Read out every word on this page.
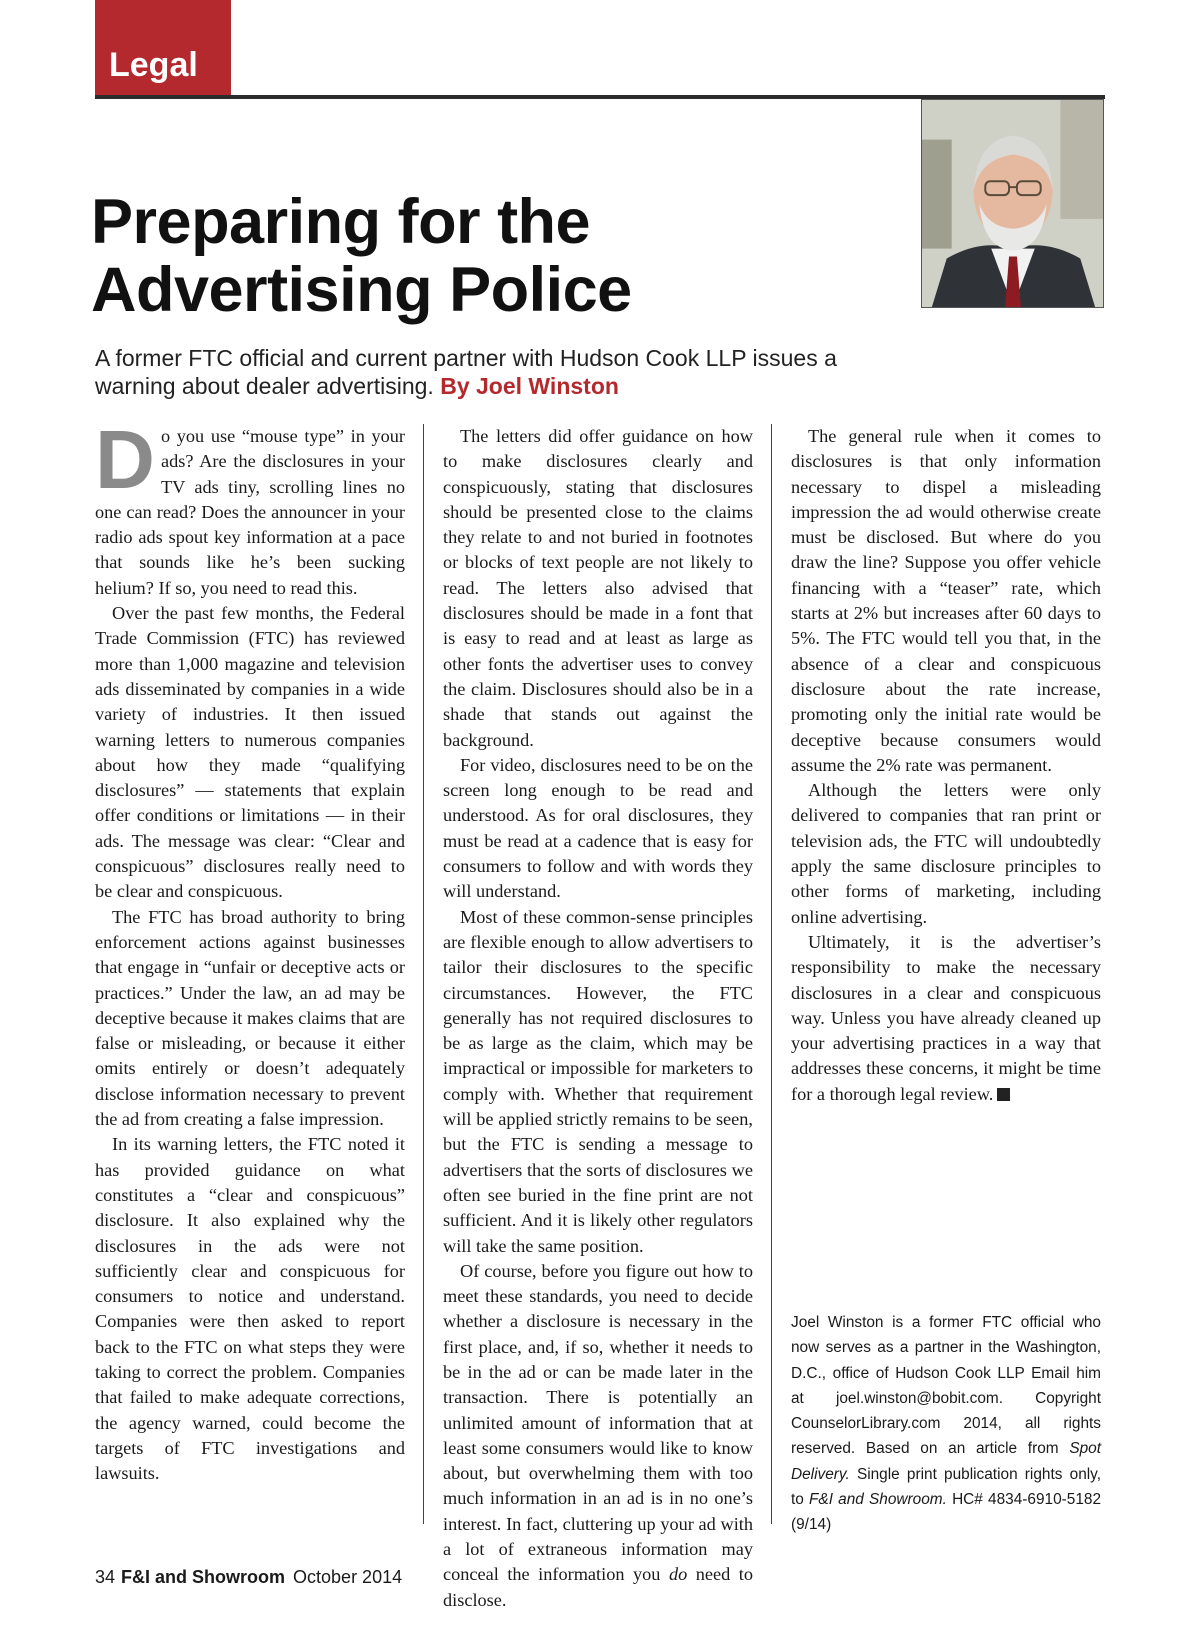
Legal
Preparing for the
Advertising Police
A former FTC official and current partner with Hudson Cook LLP issues a warning about dealer advertising. By Joel Winston

Do you use “mouse type” in your ads? Are the disclosures in your TV ads tiny, scrolling lines no one can read? Does the announcer in your radio ads spout key information at a pace that sounds like he’s been sucking helium? If so, you need to read this.

Over the past few months, the Federal Trade Commission (FTC) has reviewed more than 1,000 magazine and television ads disseminated by companies in a wide variety of industries. It then issued warning letters to numerous companies about how they made “qualifying disclosures” — statements that explain offer conditions or limitations — in their ads. The message was clear: “Clear and conspicuous” disclosures really need to be clear and conspicuous.

The FTC has broad authority to bring enforcement actions against businesses that engage in “unfair or deceptive acts or practices.” Under the law, an ad may be deceptive because it makes claims that are false or misleading, or because it either omits entirely or doesn’t adequately disclose information necessary to prevent the ad from creating a false impression.

In its warning letters, the FTC noted it has provided guidance on what constitutes a “clear and conspicuous” disclosure. It also explained why the disclosures in the ads were not sufficiently clear and conspicuous for consumers to notice and understand. Companies were then asked to report back to the FTC on what steps they were taking to correct the problem. Companies that failed to make adequate corrections, the agency warned, could become the targets of FTC investigations and lawsuits.

The letters did offer guidance on how to make disclosures clearly and conspicuously, stating that disclosures should be presented close to the claims they relate to and not buried in footnotes or blocks of text people are not likely to read. The letters also advised that disclosures should be made in a font that is easy to read and at least as large as other fonts the advertiser uses to convey the claim. Disclosures should also be in a shade that stands out against the background.

For video, disclosures need to be on the screen long enough to be read and understood. As for oral disclosures, they must be read at a cadence that is easy for consumers to follow and with words they will understand.

Most of these common-sense principles are flexible enough to allow advertisers to tailor their disclosures to the specific circumstances. However, the FTC generally has not required disclosures to be as large as the claim, which may be impractical or impossible for marketers to comply with. Whether that requirement will be applied strictly remains to be seen, but the FTC is sending a message to advertisers that the sorts of disclosures we often see buried in the fine print are not sufficient. And it is likely other regulators will take the same position.

Of course, before you figure out how to meet these standards, you need to decide whether a disclosure is necessary in the first place, and, if so, whether it needs to be in the ad or can be made later in the transaction. There is potentially an unlimited amount of information that at least some consumers would like to know about, but overwhelming them with too much information in an ad is in no one’s interest. In fact, cluttering up your ad with a lot of extraneous information may conceal the information you do need to disclose.

The general rule when it comes to disclosures is that only information necessary to dispel a misleading impression the ad would otherwise create must be disclosed. But where do you draw the line? Suppose you offer vehicle financing with a “teaser” rate, which starts at 2% but increases after 60 days to 5%. The FTC would tell you that, in the absence of a clear and conspicuous disclosure about the rate increase, promoting only the initial rate would be deceptive because consumers would assume the 2% rate was permanent.

Although the letters were only delivered to companies that ran print or television ads, the FTC will undoubtedly apply the same disclosure principles to other forms of marketing, including online advertising.

Ultimately, it is the advertiser’s responsibility to make the necessary disclosures in a clear and conspicuous way. Unless you have already cleaned up your advertising practices in a way that addresses these concerns, it might be time for a thorough legal review.

Joel Winston is a former FTC official who now serves as a partner in the Washington, D.C., office of Hudson Cook LLP Email him at joel.winston@bobit.com. Copyright CounselorLibrary.com 2014, all rights reserved. Based on an article from Spot Delivery. Single print publication rights only, to F&I and Showroom. HC# 4834-6910-5182 (9/14)
34 F&I and Showroom October 2014
